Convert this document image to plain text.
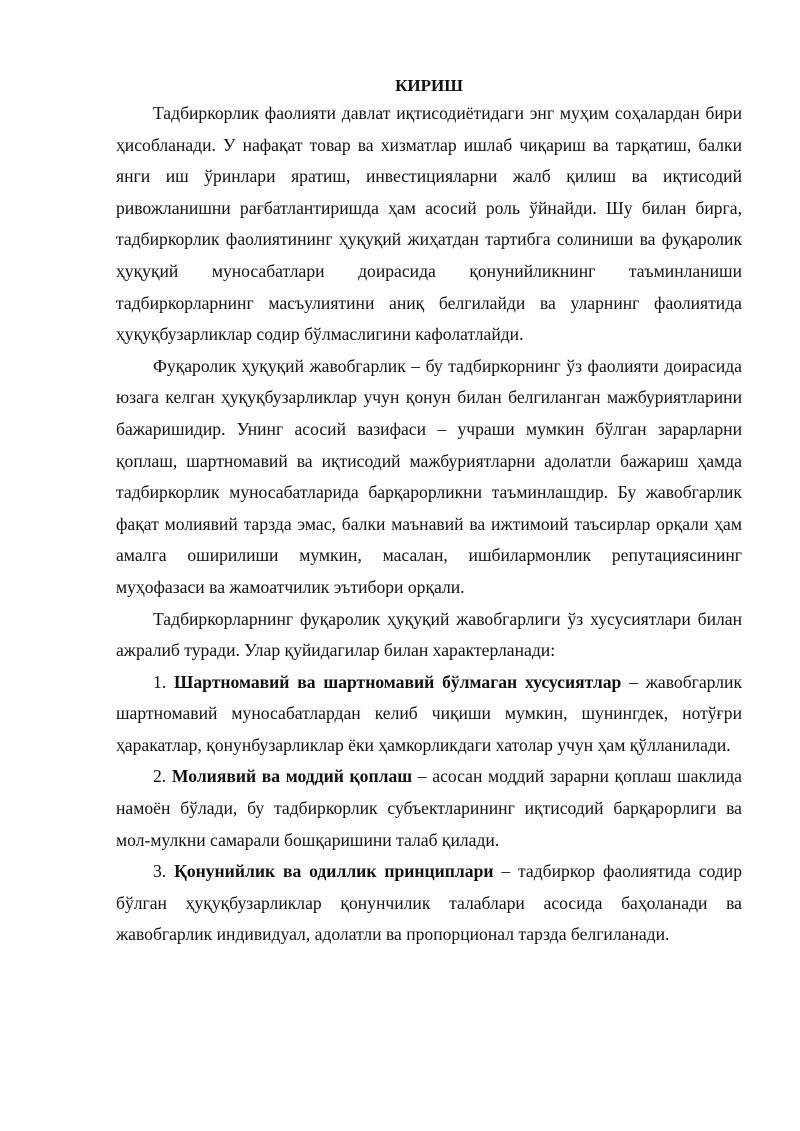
КИРИШ

Тадбиркорлик фаолияти давлат иқтисодиётидаги энг муҳим соҳалардан бири ҳисобланади. У нафақат товар ва хизматлар ишлаб чиқариш ва тарқатиш, балки янги иш ўринлари яратиш, инвестицияларни жалб қилиш ва иқтисодий ривожланишни рағбатлантиришда ҳам асосий роль ўйнайди. Шу билан бирга, тадбиркорлик фаолиятининг ҳуқуқий жиҳатдан тартибга солиниши ва фуқаролик ҳуқуқий муносабатлари доирасида қонунийликнинг таъминланиши тадбиркорларнинг масъулиятини аниқ белгилайди ва уларнинг фаолиятида ҳуқуқбузарликлар содир бўлмаслигини кафолатлайди.

Фуқаролик ҳуқуқий жавобгарлик – бу тадбиркорнинг ўз фаолияти доирасида юзага келган ҳуқуқбузарликлар учун қонун билан белгиланган мажбуриятларини бажаришидир. Унинг асосий вазифаси – учраши мумкин бўлган зарарларни қоплаш, шартномавий ва иқтисодий мажбуриятларни адолатли бажариш ҳамда тадбиркорлик муносабатларида барқарорликни таъминлашдир. Бу жавобгарлик фақат молиявий тарзда эмас, балки маънавий ва ижтимоий таъсирлар орқали ҳам амалга оширилиши мумкин, масалан, ишбилармонлик репутациясининг муҳофазаси ва жамоатчилик эътибори орқали.

Тадбиркорларнинг фуқаролик ҳуқуқий жавобгарлиги ўз хусусиятлари билан ажралиб туради. Улар қуйидагилар билан характерланади:

1. Шартномавий ва шартномавий бўлмаган хусусиятлар – жавобгарлик шартномавий муносабатлардан келиб чиқиши мумкин, шунингдек, нотўғри ҳаракатлар, қонунбузарликлар ёки ҳамкорликдаги хатолар учун ҳам қўлланилади.

2. Молиявий ва моддий қоплаш – асосан моддий зарарни қоплаш шаклида намоён бўлади, бу тадбиркорлик субъектларининг иқтисодий барқарорлиги ва мол-мулкни самарали бошқаришини талаб қилади.

3. Қонунийлик ва одиллик принциплари – тадбиркор фаолиятида содир бўлган ҳуқуқбузарликлар қонунчилик талаблари асосида баҳоланади ва жавобгарлик индивидуал, адолатли ва пропорционал тарзда белгиланади.
